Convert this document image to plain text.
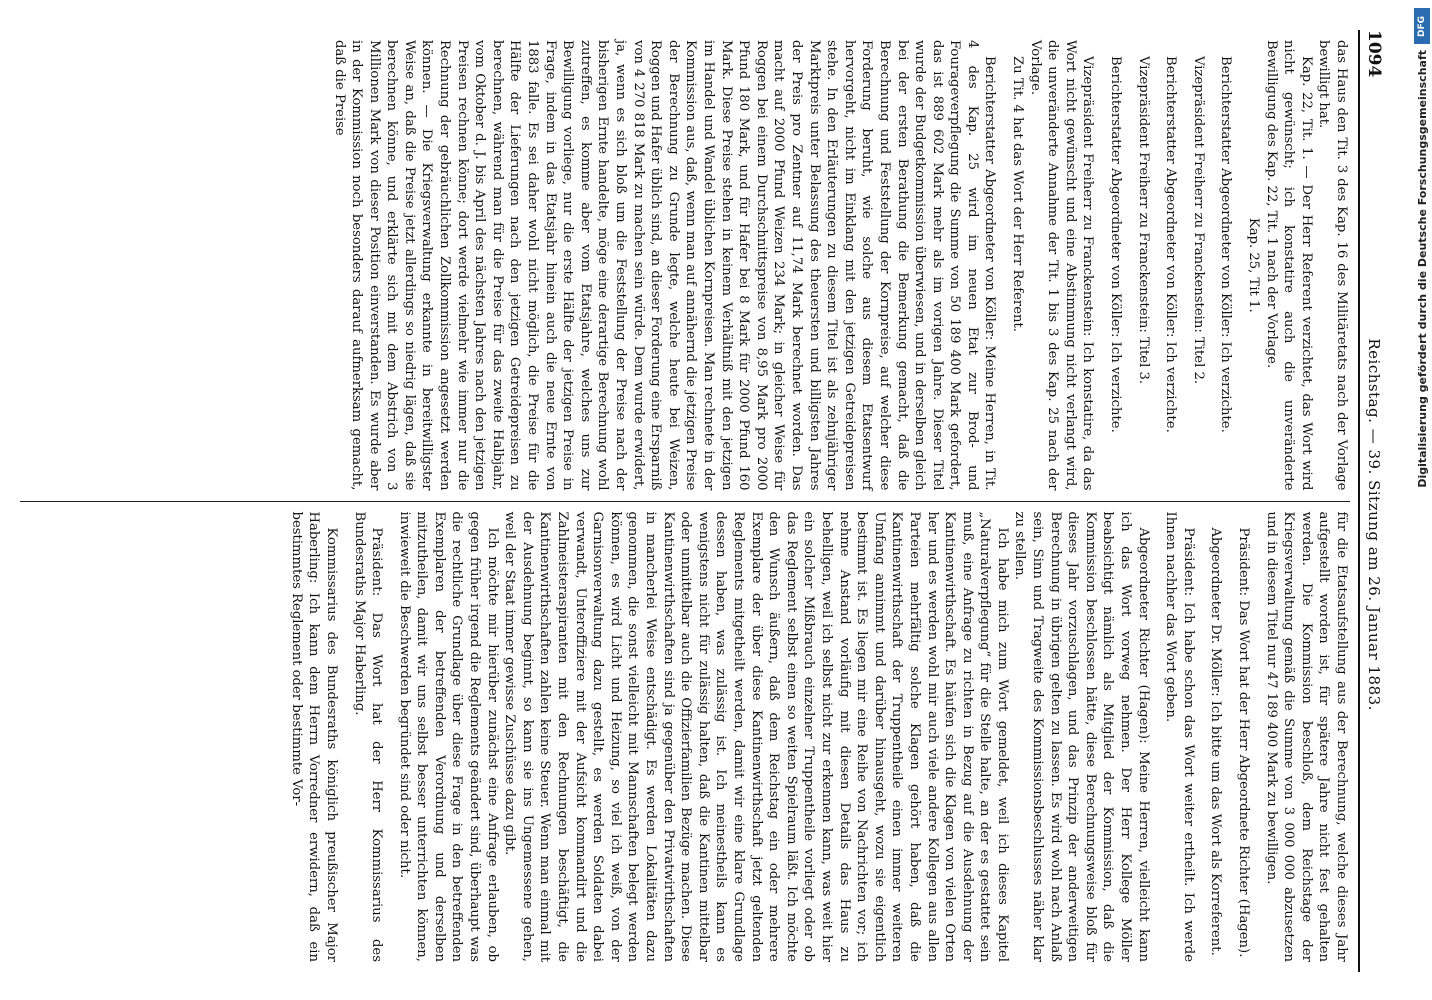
1094
Reichstag. — 39. Sitzung am 26. Januar 1883.

das Haus den Tit. 3 des Kap. 16 des Militäretats nach der Vorlage bewilligt hat.

Kap. 22, Tit. 1. — Der Herr Referent verzichtet, das Wort wird nicht gewünscht; ich konstatire auch die unveränderte Bewilligung des Kap. 22, Tit. 1 nach der Vorlage.

Kap. 25, Tit 1.

Berichterstatter Abgeordneter von Köller: Ich verzichte.

Vizepräsident Freiherr zu Franckenstein: Titel 2.

Berichterstatter Abgeordneter von Köller: Ich verzichte.

Vizepräsident Freiherr zu Franckenstein: Titel 3.

Berichterstatter Abgeordneter von Köller: Ich verzichte.

Vizepräsident Freiherr zu Franckenstein: Ich konstatire, da das Wort nicht gewünscht und eine Abstimmung nicht verlangt wird, die unveränderte Annahme der Tit. 1 bis 3 des Kap. 25 nach der Vorlage.

Zu Tit. 4 hat das Wort der Herr Referent.

Berichterstatter Abgeordneter von Köller: Meine Herren, in Tit. 4 des Kap. 25 wird im neuen Etat zur Brod- und Fourageverpflegung die Summe von 50 189 400 Mark gefordert, das ist 889 602 Mark mehr als im vorigen Jahre. Dieser Titel wurde der Budgetkommission überwiesen, und in derselben gleich bei der ersten Berathung die Bemerkung gemacht, daß die Berechnung und Feststellung der Kornpreise, auf welcher diese Forderung beruht, wie solche aus diesem Etatsentwurf hervorgeht, nicht im Einklang mit den jetzigen Getreidepreisen stehe. In den Erläuterungen zu diesem Titel ist als zehnjähriger Marktpreis unter Belassung des theuersten und billigsten Jahres der Preis pro Zentner auf 11,74 Mark berechnet worden. Das macht auf 2000 Pfund Weizen 234 Mark; in gleicher Weise für Roggen bei einem Durchschnittspreise von 8,95 Mark pro 2000 Pfund 180 Mark, und für Hafer bei 8 Mark für 2000 Pfund 160 Mark. Diese Preise stehen in keinem Verhältniß mit den jetzigen im Handel und Wandel üblichen Kornpreisen. Man rechnete in der Kommission aus, daß, wenn man auf annähernd die jetzigen Preise der Berechnung zu Grunde legte, welche heute bei Weizen, Roggen und Hafer üblich sind, an dieser Forderung eine Ersparniß von 4 270 818 Mark zu machen sein würde. Dem wurde erwidert, ja, wenn es sich bloß um die Feststellung der Preise nach der bisherigen Ernte handelte, möge eine derartige Berechnung wohl zutreffen, es komme aber vom Etatsjahre, welches uns zur Bewilligung vorliege, nur die erste Hälfte der jetzigen Preise in Frage, indem in das Etatsjahr hinein auch die neue Ernte von 1883 falle. Es sei daher wohl nicht möglich, die Preise für die Hälfte der Lieferungen nach den jetzigen Getreidepreisen zu berechnen, während man für die Preise für das zweite Halbjahr, vom Oktober d. J. bis April des nächsten Jahres nach den jetzigen Preisen rechnen könne; dort werde vielmehr wie immer nur die Rechnung der gebräuchlichen Zollkommission angesetzt werden können. — Die Kriegsverwaltung erkannte in bereitwilligster Weise an, daß die Preise jetzt allerdings so niedrig lägen, daß sie berechnen könne, und erklärte sich mit dem Abstrich von 3 Millionen Mark von dieser Position einverstanden. Es wurde aber in der Kommission noch besonders darauf aufmerksam gemacht, daß die Preise

für die Etatsaufstellung aus der Berechnung, welche dieses Jahr aufgestellt worden ist, für spätere Jahre nicht fest gehalten werden. Die Kommission beschloß, dem Reichstage der Kriegsverwaltung gemäß die Summe von 3 000 000 abzusetzen und in diesem Titel nur 47 189 400 Mark zu bewilligen.

Präsident: Das Wort hat der Herr Abgeordnete Richter (Hagen).

Abgeordneter Dr. Möller: Ich bitte um das Wort als Korreferent.

Präsident: Ich habe schon das Wort weiter ertheilt. Ich werde Ihnen nachher das Wort geben.

Abgeordneter Richter (Hagen): Meine Herren, vielleicht kann ich das Wort vorweg nehmen. Der Herr Kollege Möller beabsichtigt nämlich als Mitglied der Kommission, daß die Kommission beschlossen hätte, diese Berechnungsweise bloß für dieses Jahr vorzuschlagen, und das Prinzip der anderweitigen Berechnung in übrigen gelten zu lassen. Es wird wohl nach Anlaß sein, Sinn und Tragweite des Kommissionsbeschlusses näher klar zu stellen.

Ich habe mich zum Wort gemeldet, weil ich dieses Kapitel „Naturalverpflegung“ für die Stelle halte, an der es gestattet sein muß, eine Anfrage zu richten in Bezug auf die Ausdehnung der Kantinenwirthschaft. Es häufen sich die Klagen von vielen Orten her und es werden wohl mir auch viele andere Kollegen aus allen Parteien mehrfältig solche Klagen gehört haben, daß die Kantinenwirthschaft der Truppentheile einen immer weiteren Umfang annimmt und darüber hinausgeht, wozu sie eigentlich bestimmt ist. Es liegen mir eine Reihe von Nachrichten vor; ich nehme Anstand vorläufig mit diesen Details das Haus zu behelligen, weil ich selbst nicht zur erkennen kann, was weit hier ein solcher Mißbrauch einzelner Truppentheile vorliegt oder ob das Reglement selbst einen so weiten Spielraum läßt. Ich möchte den Wunsch äußern, daß dem Reichstag ein oder mehrere Exemplare der über diese Kantinenwirthschaft jetzt geltenden Reglements mitgetheilt werden, damit wir eine klare Grundlage dessen haben, was zulässig ist. Ich meinestheils kann es wenigstens nicht für zulässig halten, daß die Kantinen mittelbar oder unmittelbar auch die Offizierfamilien Bezüge machen. Diese Kantinenwirthschaften sind ja gegenüber den Privatwirthschaften in mancherlei Weise entschädigt. Es werden Lokalitäten dazu genommen, die sonst vielleicht mit Mannschaften belegt werden können, es wird Licht und Heizung, so viel ich weiß, von der Garnisonverwaltung dazu gestellt, es werden Soldaten dabei verwandt, Unteroffiziere mit der Aufsicht kommandirt und die Zahlmeisteraspiranten mit den Rechnungen beschäftigt, die Kantinenwirthschaften zahlen keine Steuer. Wenn man einmal mit der Ausdehnung beginnt, so kann sie ins Ungemessene gehen, weil der Staat immer gewisse Zuschüsse dazu gibt.

Ich möchte mir hierüber zunächst eine Anfrage erlauben, ob gegen früher irgend die Reglements geändert sind, überhaupt was die rechtliche Grundlage über diese Frage in den betreffenden Exemplaren der betreffenden Verordnung und derselben mitzutheilen, damit wir uns selbst besser unterrichten können, inwieweit die Beschwerden begründet sind oder nicht.

Präsident: Das Wort hat der Herr Kommissarius des Bundesraths Major Haberling.

Kommissarius des Bundesraths königlich preußischer Major Haberling: Ich kann dem Herrn Vorredner erwidern, daß ein bestimmtes Reglement oder bestimmte Vor-

DFG
Digitalisierung gefördert durch die Deutsche Forschungsgemeinschaft
